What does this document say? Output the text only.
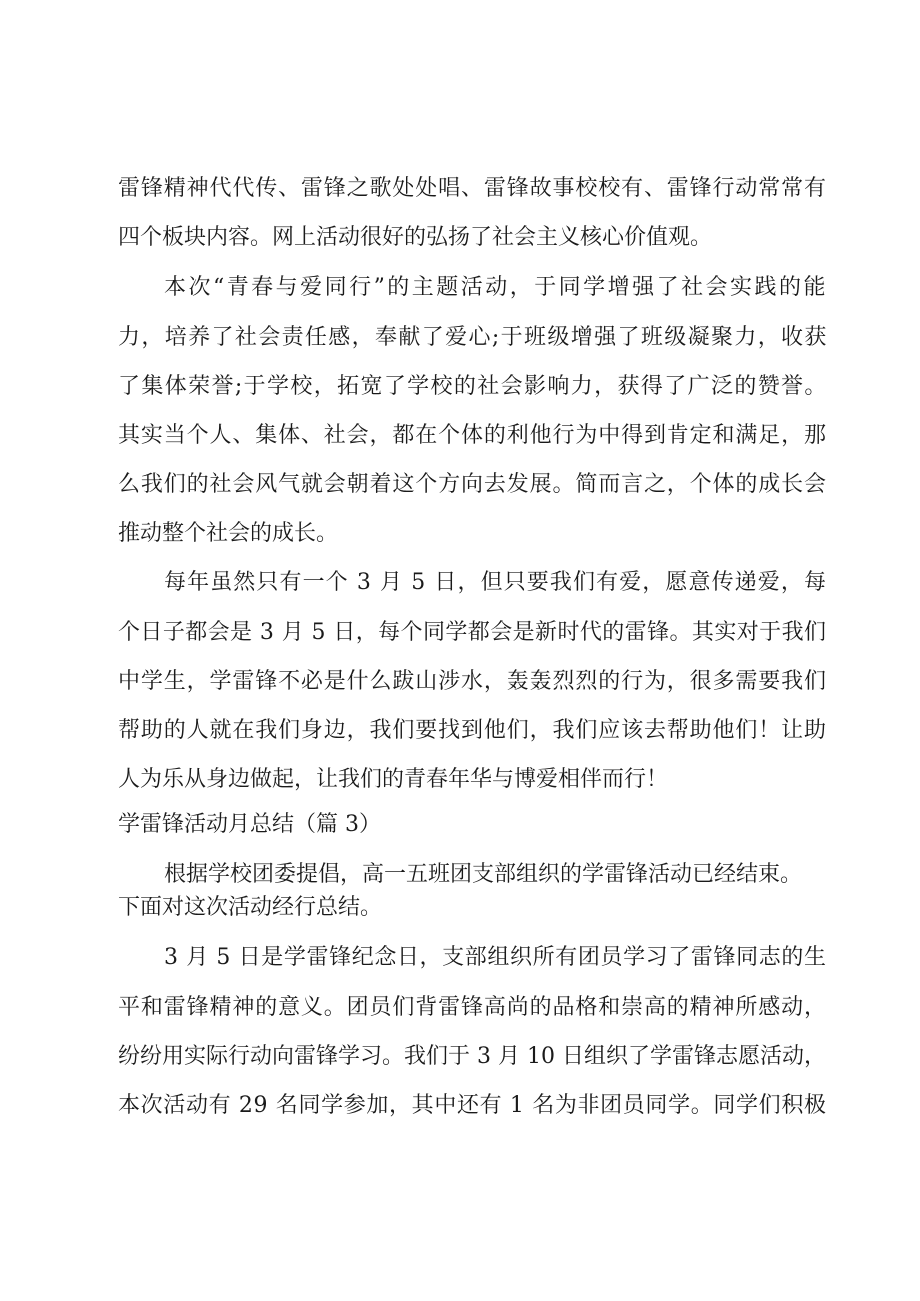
雷锋精神代代传、雷锋之歌处处唱、雷锋故事校校有、雷锋行动常常有
四个板块内容。网上活动很好的弘扬了社会主义核心价值观。
本次“青春与爱同行”的主题活动，于同学增强了社会实践的能
力，培养了社会责任感，奉献了爱心;于班级增强了班级凝聚力，收获
了集体荣誉;于学校，拓宽了学校的社会影响力，获得了广泛的赞誉。
其实当个人、集体、社会，都在个体的利他行为中得到肯定和满足，那
么我们的社会风气就会朝着这个方向去发展。简而言之，个体的成长会
推动整个社会的成长。
每年虽然只有一个 3 月 5 日，但只要我们有爱，愿意传递爱，每
个日子都会是 3 月 5 日，每个同学都会是新时代的雷锋。其实对于我们
中学生，学雷锋不必是什么跋山涉水，轰轰烈烈的行为，很多需要我们
帮助的人就在我们身边，我们要找到他们，我们应该去帮助他们！让助
人为乐从身边做起，让我们的青春年华与博爱相伴而行！
学雷锋活动月总结（篇 3）
根据学校团委提倡，高一五班团支部组织的学雷锋活动已经结束。
下面对这次活动经行总结。
3 月 5 日是学雷锋纪念日，支部组织所有团员学习了雷锋同志的生
平和雷锋精神的意义。团员们背雷锋高尚的品格和崇高的精神所感动，
纷纷用实际行动向雷锋学习。我们于 3 月 10 日组织了学雷锋志愿活动，
本次活动有 29 名同学参加，其中还有 1 名为非团员同学。同学们积极
